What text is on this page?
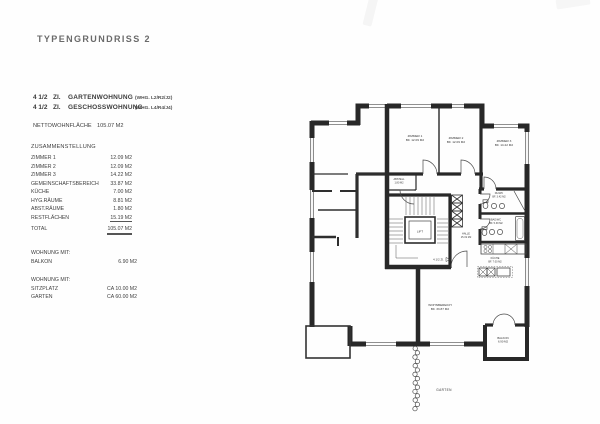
TYPENGRUNDRISS 2
4 1/2 ZI.	GARTENWOHNUNG (WHG. L2/R2/J2)
4 1/2 ZI.	GESCHOSSWOHNUNG
(WHG. L4/R4/J4)
NETTOWOHNFLÄCHE 105.07 M2
ZUSAMMENSTELLUNG
ZIMMER 1	12.09 M2
ZIMMER 2	12.09 M2
ZIMMER 3	14.22 M2
GEMEINSCHAFTSBEREICH 33.87 M2
KÜCHE	7.00 M2
HYG.RÄUME	8.81 M2
ABST.RÄUME	1.80 M2
RESTFLÄCHEN	15.19 M2
TOTAL	105.07 M2
WOHNUNG MIT:
BALKON	6.90 M2
WOHNUNG MIT:
SITZPLATZ	CA 10.00 M2
GARTEN	CA 60.00 M2
LIFT
ZIMMER 1
BF. 12.09 M2	ZIMMER 2
BF. 12.09 M2	ZIMMER 3
BF. 14.22 M2
ABSTELL
1.80 M2
DU/WC
BF. 3.42 M2
BAD/WC
BF. 5.39 M2
HALLE
15.19 M2
KÜCHE
BF. 7.00 M2
WOHNBEREICH
BF. 33.87 M2
BALKON
6.90 M2
GARTEN
4 1/2 ZI.
